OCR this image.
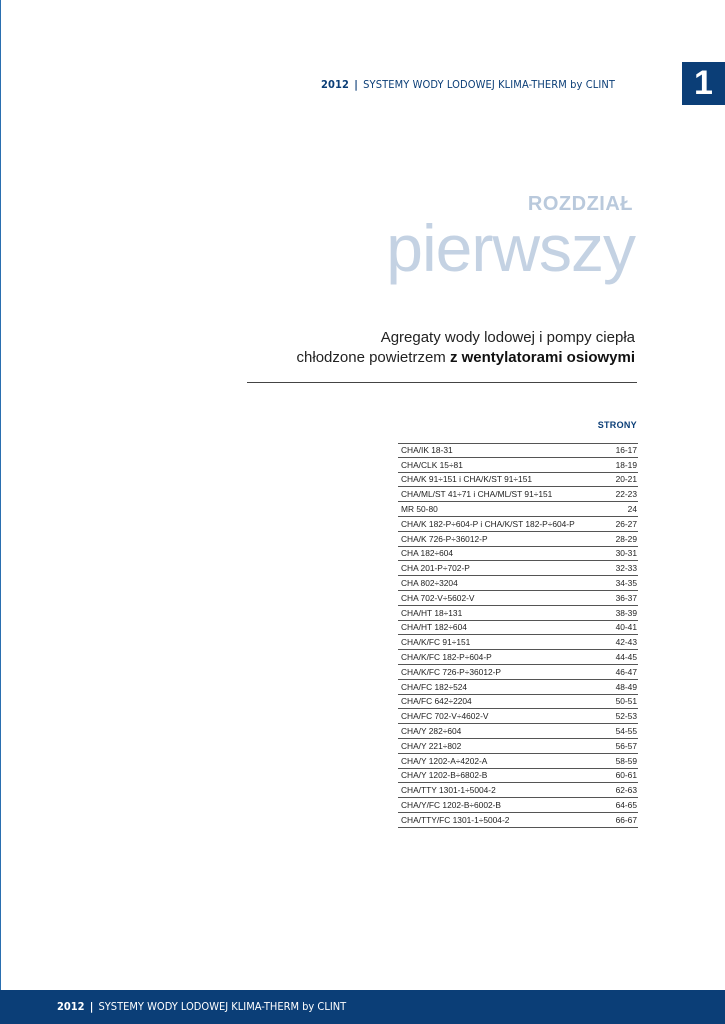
2012 | SYSTEMY WODY LODOWEJ KLIMA-THERM by CLINT	1
ROZDZIAŁ
pierwszy
Agregaty wody lodowej i pompy ciepła
chłodzone powietrzem z wentylatorami osiowymi
STRONY
CHA/IK 18-31	16-17
CHA/CLK 15÷81	18-19
CHA/K 91÷151 i CHA/K/ST 91÷151	20-21
CHA/ML/ST 41÷71 i CHA/ML/ST 91÷151	22-23
MR 50-80	24
CHA/K 182-P÷604-P i CHA/K/ST 182-P÷604-P	26-27
CHA/K 726-P÷36012-P	28-29
CHA 182÷604	30-31
CHA 201-P÷702-P	32-33
CHA 802÷3204	34-35
CHA 702-V÷5602-V	36-37
CHA/HT 18÷131	38-39
CHA/HT 182÷604	40-41
CHA/K/FC 91÷151	42-43
CHA/K/FC 182-P÷604-P	44-45
CHA/K/FC 726-P÷36012-P	46-47
CHA/FC 182÷524	48-49
CHA/FC 642÷2204	50-51
CHA/FC 702-V÷4602-V	52-53
CHA/Y 282÷604	54-55
CHA/Y 221÷802	56-57
CHA/Y 1202-A÷4202-A	58-59
CHA/Y 1202-B÷6802-B	60-61
CHA/TTY 1301-1÷5004-2	62-63
CHA/Y/FC 1202-B÷6002-B	64-65
CHA/TTY/FC 1301-1÷5004-2	66-67
2012 | SYSTEMY WODY LODOWEJ KLIMA-THERM by CLINT
